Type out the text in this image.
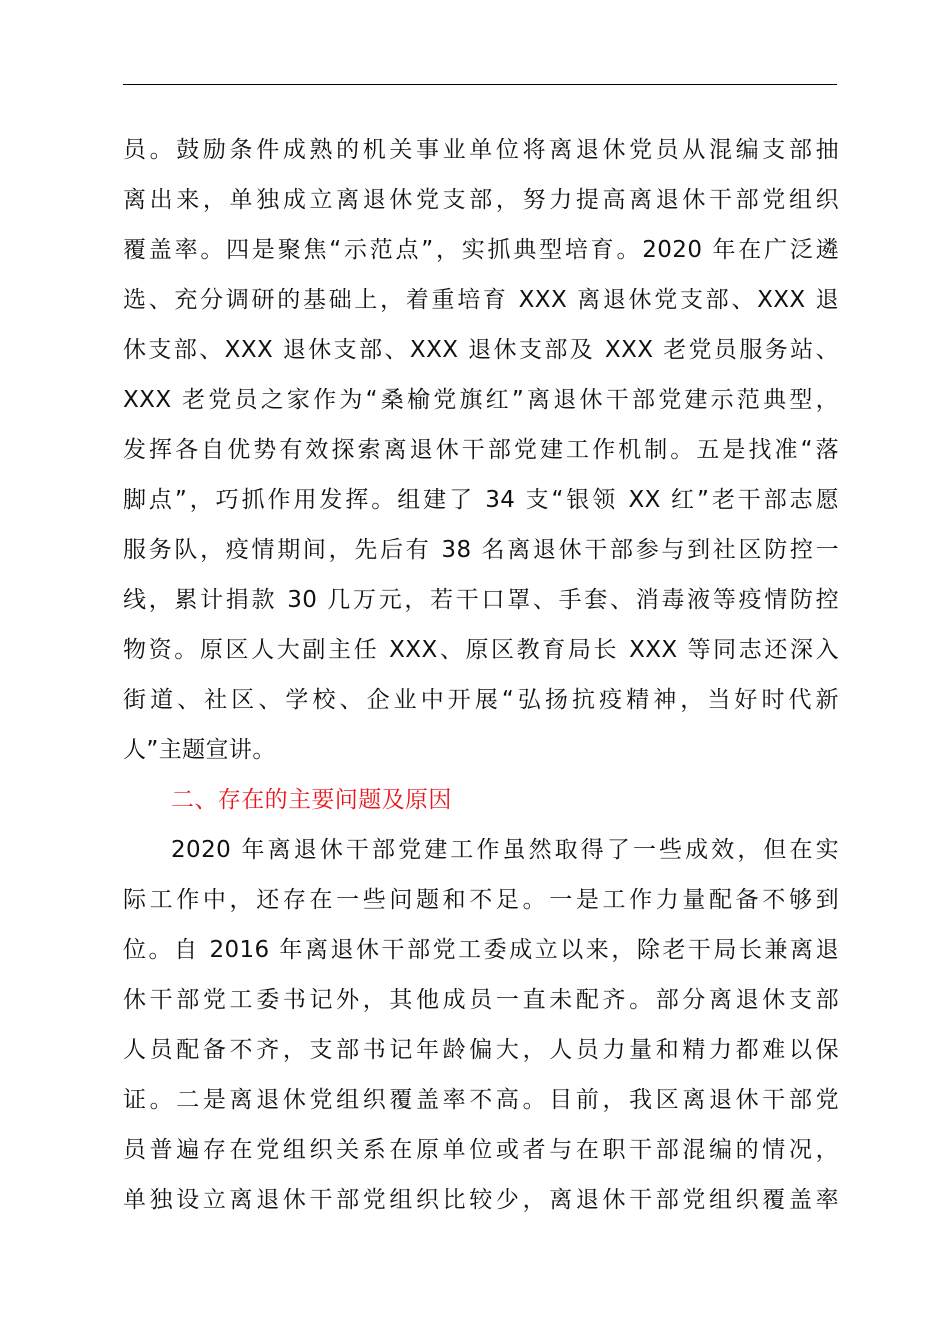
员。鼓励条件成熟的机关事业单位将离退休党员从混编支部抽
离出来，单独成立离退休党支部，努力提高离退休干部党组织
覆盖率。四是聚焦“示范点”，实抓典型培育。2020 年在广泛遴
选、充分调研的基础上，着重培育 XXX 离退休党支部、XXX 退
休支部、XXX 退休支部、XXX 退休支部及 XXX 老党员服务站、
XXX 老党员之家作为“桑榆党旗红”离退休干部党建示范典型，
发挥各自优势有效探索离退休干部党建工作机制。五是找准“落
脚点”，巧抓作用发挥。组建了 34 支“银领 XX 红”老干部志愿
服务队，疫情期间，先后有 38 名离退休干部参与到社区防控一
线，累计捐款 30 几万元，若干口罩、手套、消毒液等疫情防控
物资。原区人大副主任 XXX、原区教育局长 XXX 等同志还深入
街道、社区、学校、企业中开展“弘扬抗疫精神，当好时代新
人”主题宣讲。
二、存在的主要问题及原因
2020 年离退休干部党建工作虽然取得了一些成效，但在实
际工作中，还存在一些问题和不足。一是工作力量配备不够到
位。自 2016 年离退休干部党工委成立以来，除老干局长兼离退
休干部党工委书记外，其他成员一直未配齐。部分离退休支部
人员配备不齐，支部书记年龄偏大，人员力量和精力都难以保
证。二是离退休党组织覆盖率不高。目前，我区离退休干部党
员普遍存在党组织关系在原单位或者与在职干部混编的情况，
单独设立离退休干部党组织比较少，离退休干部党组织覆盖率
